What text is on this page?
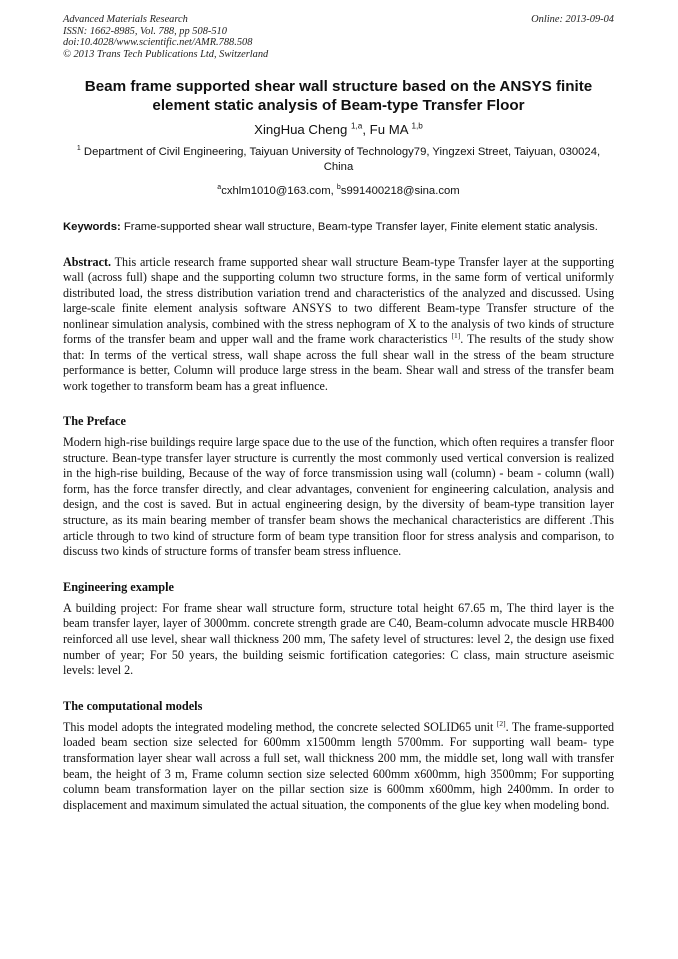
Advanced Materials Research
ISSN: 1662-8985, Vol. 788, pp 508-510
doi:10.4028/www.scientific.net/AMR.788.508
© 2013 Trans Tech Publications Ltd, Switzerland
Online: 2013-09-04
Beam frame supported shear wall structure based on the ANSYS finite element static analysis of Beam-type Transfer Floor
XingHua Cheng $^{1,a}$, Fu MA $^{1,b}$
$^1$ Department of Civil Engineering, Taiyuan University of Technology79, Yingzexi Street, Taiyuan, 030024, China
$^a$cxhlm1010@163.com, $^b$s991400218@sina.com
Keywords: Frame-supported shear wall structure, Beam-type Transfer layer, Finite element static analysis.
Abstract. This article research frame supported shear wall structure Beam-type Transfer layer at the supporting wall (across full) shape and the supporting column two structure forms, in the same form of vertical uniformly distributed load, the stress distribution variation trend and characteristics of the analyzed and discussed. Using large-scale finite element analysis software ANSYS to two different Beam-type Transfer structure of the nonlinear simulation analysis, combined with the stress nephogram of X to the analysis of two kinds of structure forms of the transfer beam and upper wall and the frame work characteristics [1]. The results of the study show that: In terms of the vertical stress, wall shape across the full shear wall in the stress of the beam structure performance is better, Column will produce large stress in the beam. Shear wall and stress of the transfer beam work together to transform beam has a great influence.
The Preface

Modern high-rise buildings require large space due to the use of the function, which often requires a transfer floor structure. Bean-type transfer layer structure is currently the most commonly used vertical conversion is realized in the high-rise building, Because of the way of force transmission using wall (column) - beam - column (wall) form, has the force transfer directly, and clear advantages, convenient for engineering calculation, analysis and design, and the cost is saved. But in actual engineering design, by the diversity of beam-type transition layer structure, as its main bearing member of transfer beam shows the mechanical characteristics are different .This article through to two kind of structure form of beam type transition floor for stress analysis and comparison, to discuss two kinds of structure forms of transfer beam stress influence.

Engineering example

A building project: For frame shear wall structure form, structure total height 67.65 m, The third layer is the beam transfer layer, layer of 3000mm. concrete strength grade are C40, Beam-column advocate muscle HRB400 reinforced all use level, shear wall thickness 200 mm, The safety level of structures: level 2, the design use fixed number of year; For 50 years, the building seismic fortification categories: C class, main structure aseismic levels: level 2.

The computational models

This model adopts the integrated modeling method, the concrete selected SOLID65 unit [2]. The frame-supported loaded beam section size selected for 600mm x1500mm length 5700mm. For supporting wall beam- type transformation layer shear wall across a full set, wall thickness 200 mm, the middle set, long wall with transfer beam, the height of 3 m, Frame column section size selected 600mm x600mm, high 3500mm; For supporting column beam transformation layer on the pillar section size is 600mm x600mm, high 2400mm. In order to displacement and maximum simulated the actual situation, the components of the glue key when modeling bond.
